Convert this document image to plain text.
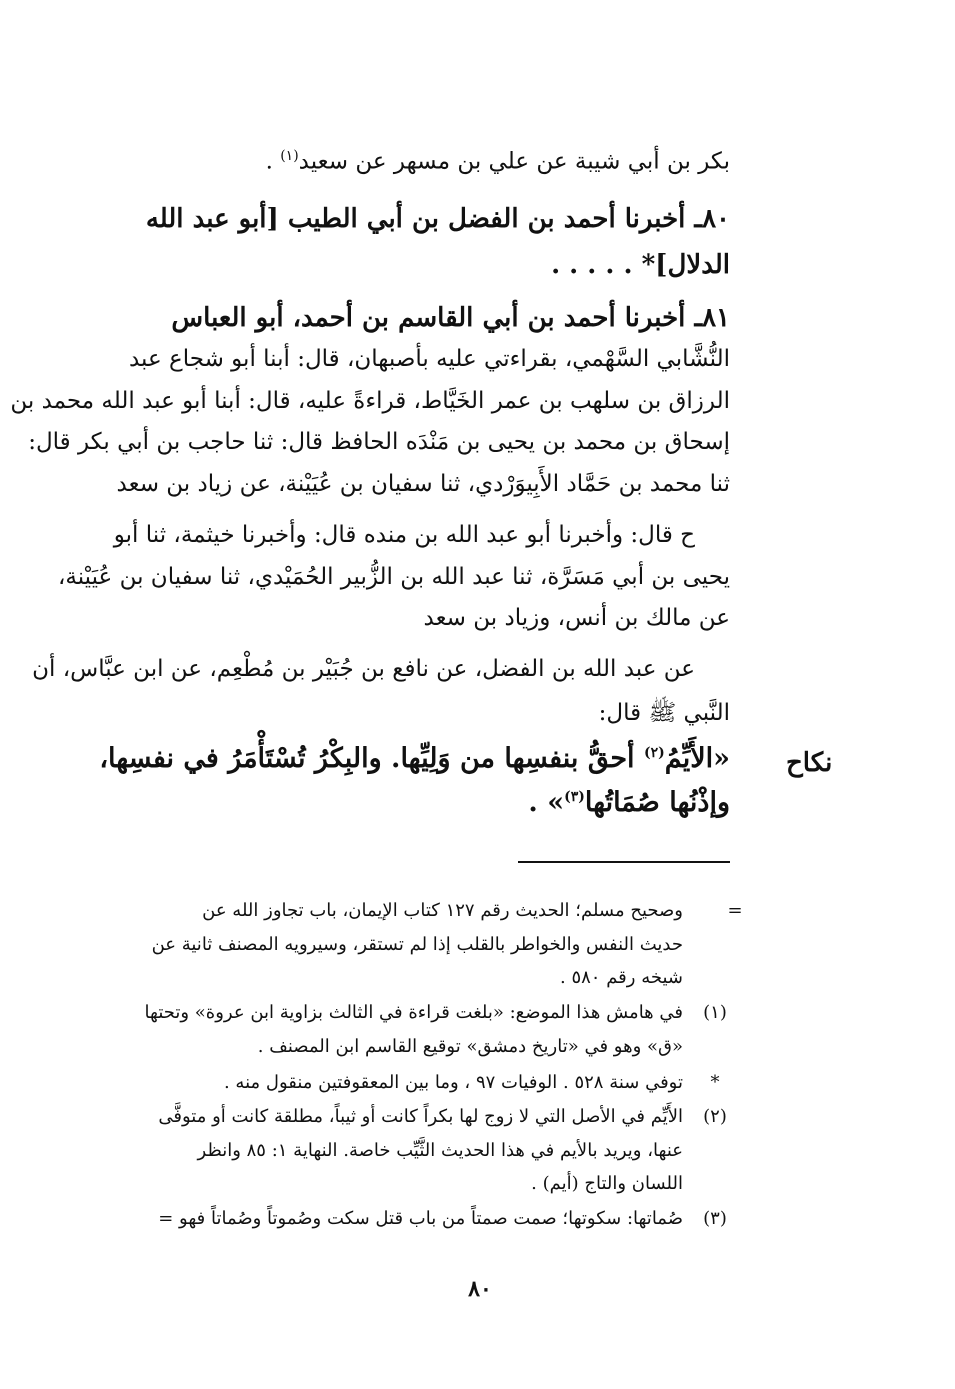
بكر بن أبي شيبة عن علي بن مسهر عن سعيد$^{(١)}$ .
٨٠ـ أخبرنا أحمد بن الفضل بن أبي الطيب [أبو عبد الله
الدلال]* . . . . .
٨١ـ أخبرنا أحمد بن أبي القاسم بن أحمد، أبو العباس
النُّشَّابي السَّهْمي، بقراءتي عليه بأصبهان، قال: أبنا أبو شجاع عبد
الرزاق بن سلهب بن عمر الخَيَّاط، قراءةً عليه، قال: أبنا أبو عبد الله محمد بن
إسحاق بن محمد بن يحيى بن مَنْدَه الحافظ قال: ثنا حاجب بن أبي بكر قال:
ثنا محمد بن حَمَّاد الأَبِيوَرْدي، ثنا سفيان بن عُيَيْنة، عن زياد بن سعد
ح قال: وأخبرنا أبو عبد الله بن منده قال: وأخبرنا خيثمة، ثنا أبو
يحيى بن أبي مَسَرَّة، ثنا عبد الله بن الزُّبير الحُمَيْدي، ثنا سفيان بن عُيَيْنة،
عن مالك بن أنس، وزياد بن سعد
عن عبد الله بن الفضل، عن نافع بن جُبَيْر بن مُطْعِم، عن ابن عبَّاس، أن
النَّبي ﷺ قال:
«الأَيِّمُ$^{(٢)}$ أحقُّ بنفسِها من وَلِيِّها. والبِكْرُ تُسْتَأْمَرُ في نفسِها،
وإذْنُها صُمَاتُها$^{(٣)}$» .
نكاح
=
وصحيح مسلم؛ الحديث رقم ١٢٧ كتاب الإيمان، باب تجاوز الله عن
حديث النفس والخواطر بالقلب إذا لم تستقر، وسيرويه المصنف ثانية عن
شيخه رقم ٥٨٠ .
(١)
في هامش هذا الموضع: «بلغت قراءة في الثالث بزاوية ابن عروة» وتحتها
«ق» وهو في «تاريخ دمشق» توقيع القاسم ابن المصنف .
*
توفي سنة ٥٢٨ . الوفيات ٩٧ ، وما بين المعقوفتين منقول منه .
(٢)
الأَيِّم في الأصل التي لا زوج لها بكراً كانت أو ثيباً، مطلقة كانت أو متوفَّى
عنها، ويريد بالأيم في هذا الحديث الثَّيِّب خاصة. النهاية ١: ٨٥ وانظر
اللسان والتاج (أيم) .
(٣)
صُماتها: سكوتها؛ صمت صمتاً من باب قتل سكت وصُموتاً وصُماتاً فهو =
٨٠
